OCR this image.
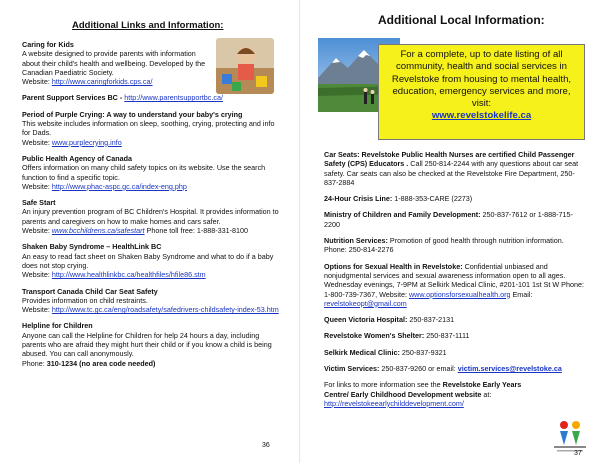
Additional Links and Information:
Caring for Kids
A website designed to provide parents with information about their child's health and wellbeing. Developed by the Canadian Paediatric Society.
Website: http://www.caringforkids.cps.ca/
Parent Support Services BC - http://www.parentsupportbc.ca/
Period of Purple Crying: A way to understand your baby's crying
This website includes information on sleep, soothing, crying, protecting and info for Dads.
Website: www.purplecrying.info
Public Health Agency of Canada
Offers information on many child safety topics on its website. Use the search function to find a specific topic.
Website: http://www.phac-aspc.gc.ca/index-eng.php
Safe Start
An injury prevention program of BC Children's Hospital. It provides information to parents and caregivers on how to make homes and cars safer.
Website: www.bcchildrens.ca/safestart Phone toll free: 1-888-331-8100
Shaken Baby Syndrome – HealthLink BC
An easy to read fact sheet on Shaken Baby Syndrome and what to do if a baby does not stop crying.
Website: http://www.healthlinkbc.ca/healthfiles/hfile86.stm
Transport Canada Child Car Seat Safety
Provides information on child restraints.
Website: http://www.tc.gc.ca/eng/roadsafety/safedrivers-childsafety-index-53.htm
Helpline for Children
Anyone can call the Helpline for Children for help 24 hours a day, including parents who are afraid they might hurt their child or if you know a child is being abused. You can call anonymously.
Phone: 310-1234 (no area code needed)
36
Additional Local Information:
For a complete, up to date listing of all community, health and social services in Revelstoke from housing to mental health, education, emergency services and more, visit:
www.revelstokelife.ca
Car Seats: Revelstoke Public Health Nurses are certified Child Passenger Safety (CPS) Educators . Call 250-814-2244 with any questions about car seat safety. Car seats can also be checked at the Revelstoke Fire Department, 250-837-2884
24-Hour Crisis Line: 1-888-353-CARE (2273)
Ministry of Children and Family Development: 250-837-7612 or 1-888-715-2200
Nutrition Services: Promotion of good health through nutrition information. Phone: 250-814-2276
Options for Sexual Health in Revelstoke: Confidential unbiased and nonjudgmental services and sexual awareness information open to all ages. Wednesday evenings, 7-9PM at Selkirk Medical Clinic, #201-101 1st St W Phone: 1-800-739-7367, Website: www.optionsforsexualhealth.org Email: revelstokeopt@gmail.com
Queen Victoria Hospital: 250-837-2131
Revelstoke Women's Shelter: 250-837-1111
Selkirk Medical Clinic: 250-837-9321
Victim Services: 250-837-9260 or email: victim.services@revelstoke.ca
For links to more information see the Revelstoke Early Years Centre/ Early Childhood Development website at: http://revelstokeearlychilddevelopment.com/
37
